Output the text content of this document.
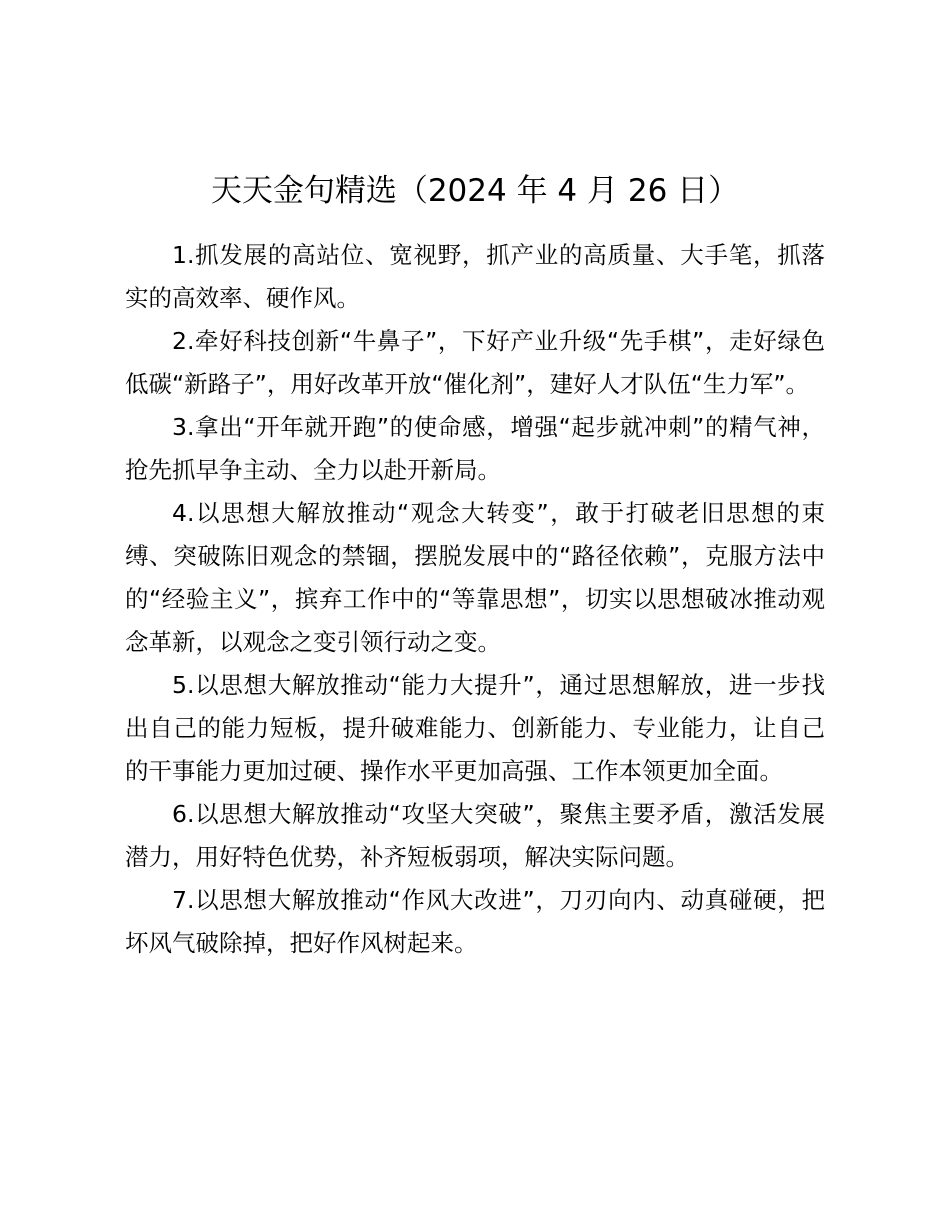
天天金句精选（2024 年 4 月 26 日）

1.抓发展的高站位、宽视野，抓产业的高质量、大手笔，抓落实的高效率、硬作风。

2.牵好科技创新“牛鼻子”，下好产业升级“先手棋”，走好绿色低碳“新路子”，用好改革开放“催化剂”，建好人才队伍“生力军”。

3.拿出“开年就开跑”的使命感，增强“起步就冲刺”的精气神，抢先抓早争主动、全力以赴开新局。

4.以思想大解放推动“观念大转变”，敢于打破老旧思想的束缚、突破陈旧观念的禁锢，摆脱发展中的“路径依赖”，克服方法中的“经验主义”，摈弃工作中的“等靠思想”，切实以思想破冰推动观念革新，以观念之变引领行动之变。

5.以思想大解放推动“能力大提升”，通过思想解放，进一步找出自己的能力短板，提升破难能力、创新能力、专业能力，让自己的干事能力更加过硬、操作水平更加高强、工作本领更加全面。

6.以思想大解放推动“攻坚大突破”，聚焦主要矛盾，激活发展潜力，用好特色优势，补齐短板弱项，解决实际问题。

7.以思想大解放推动“作风大改进”，刀刃向内、动真碰硬，把坏风气破除掉，把好作风树起来。
